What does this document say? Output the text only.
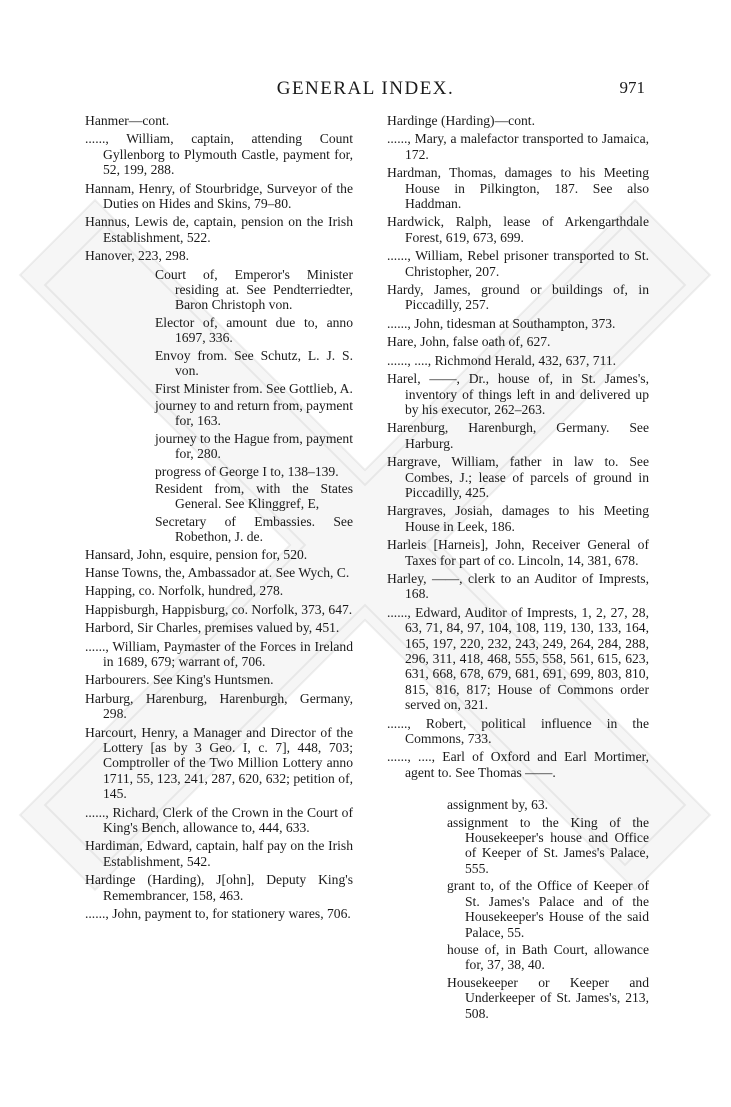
GENERAL INDEX.	971
Hanmer—cont.
......, William, captain, attending Count Gyllenborg to Plymouth Castle, payment for, 52, 199, 288.
Hannam, Henry, of Stourbridge, Surveyor of the Duties on Hides and Skins, 79–80.
Hannus, Lewis de, captain, pension on the Irish Establishment, 522.
Hanover, 223, 298.
Court of, Emperor's Minister residing at. See Pendterriedter, Baron Christoph von.
Elector of, amount due to, anno 1697, 336.
Envoy from. See Schutz, L. J. S. von.
First Minister from. See Gottlieb, A.
journey to and return from, payment for, 163.
journey to the Hague from, payment for, 280.
progress of George I to, 138–139.
Resident from, with the States General. See Klinggref, E,
Secretary of Embassies. See Robethon, J. de.
Hansard, John, esquire, pension for, 520.
Hanse Towns, the, Ambassador at. See Wych, C.
Happing, co. Norfolk, hundred, 278.
Happisburgh, Happisburg, co. Norfolk, 373, 647.
Harbord, Sir Charles, premises valued by, 451.
......, William, Paymaster of the Forces in Ireland in 1689, 679; warrant of, 706.
Harbourers. See King's Huntsmen.
Harburg, Harenburg, Harenburgh, Germany, 298.
Harcourt, Henry, a Manager and Director of the Lottery [as by 3 Geo. I, c. 7], 448, 703; Comptroller of the Two Million Lottery anno 1711, 55, 123, 241, 287, 620, 632; petition of, 145.
......, Richard, Clerk of the Crown in the Court of King's Bench, allowance to, 444, 633.
Hardiman, Edward, captain, half pay on the Irish Establishment, 542.
Hardinge (Harding), J[ohn], Deputy King's Remembrancer, 158, 463.
......, John, payment to, for stationery wares, 706.
Hardinge (Harding)—cont.
......, Mary, a malefactor transported to Jamaica, 172.
Hardman, Thomas, damages to his Meeting House in Pilkington, 187. See also Haddman.
Hardwick, Ralph, lease of Arkengarthdale Forest, 619, 673, 699.
......, William, Rebel prisoner transported to St. Christopher, 207.
Hardy, James, ground or buildings of, in Piccadilly, 257.
......, John, tidesman at Southampton, 373.
Hare, John, false oath of, 627.
......, ...., Richmond Herald, 432, 637, 711.
Harel, ——, Dr., house of, in St. James's, inventory of things left in and delivered up by his executor, 262–263.
Harenburg, Harenburgh, Germany. See Harburg.
Hargrave, William, father in law to. See Combes, J.; lease of parcels of ground in Piccadilly, 425.
Hargraves, Josiah, damages to his Meeting House in Leek, 186.
Harleis [Harneis], John, Receiver General of Taxes for part of co. Lincoln, 14, 381, 678.
Harley, ——, clerk to an Auditor of Imprests, 168.
......, Edward, Auditor of Imprests, 1, 2, 27, 28, 63, 71, 84, 97, 104, 108, 119, 130, 133, 164, 165, 197, 220, 232, 243, 249, 264, 284, 288, 296, 311, 418, 468, 555, 558, 561, 615, 623, 631, 668, 678, 679, 681, 691, 699, 803, 810, 815, 816, 817; House of Commons order served on, 321.
......, Robert, political influence in the Commons, 733.
......, ...., Earl of Oxford and Earl Mortimer, agent to. See Thomas ——.
assignment by, 63.
assignment to the King of the Housekeeper's house and Office of Keeper of St. James's Palace, 555.
grant to, of the Office of Keeper of St. James's Palace and of the Housekeeper's House of the said Palace, 55.
house of, in Bath Court, allowance for, 37, 38, 40.
Housekeeper or Keeper and Underkeeper of St. James's, 213, 508.
